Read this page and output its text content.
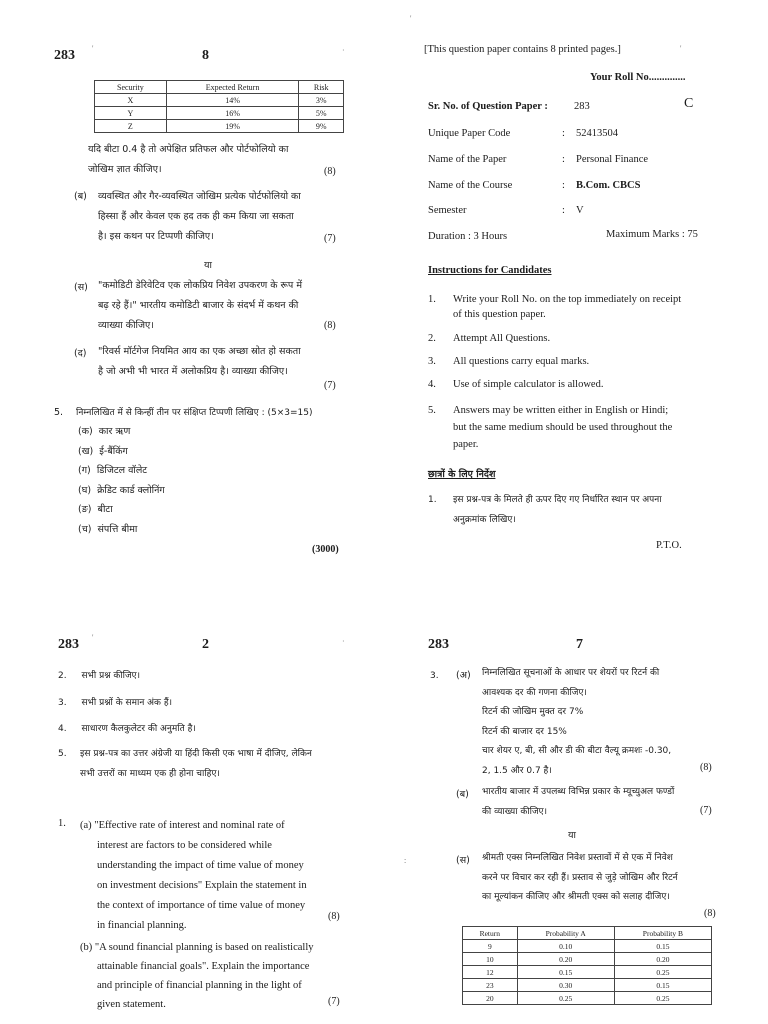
283	8
Security	Expected Return	Risk
X	14%	3%
Y	16%	5%
Z	19%	9%

यदि बीटा 0.4 है तो अपेक्षित प्रतिफल और पोर्टफोलियो का

जोखिम ज्ञात कीजिए।	(8)
(ब) व्यवस्थित और गैर-व्यवस्थित जोखिम प्रत्येक पोर्टफोलियो का

हिस्सा हैं और केवल एक हद तक ही कम किया जा सकता

है। इस कथन पर टिप्पणी कीजिए।	(7)
या
(स) "कमोडिटी डेरिवेटिव एक लोकप्रिय निवेश उपकरण के रूप में

बढ़ रहे हैं।" भारतीय कमोडिटी बाजार के संदर्भ में कथन की

व्याख्या कीजिए।	(8)
(द) "रिवर्स मॉर्टगेज नियमित आय का एक अच्छा स्रोत हो सकता

है जो अभी भी भारत में अलोकप्रिय है। व्याख्या कीजिए।

(7)
5. निम्नलिखित में से किन्हीं तीन पर संक्षिप्त टिप्पणी लिखिए : (5×3=15)
(क) कार ऋण
(ख) ई-बैंकिंग
(ग) डिजिटल वॉलेट
(घ) क्रेडिट कार्ड क्लोनिंग
(ङ) बीटा
(च) संपत्ति बीमा
(3000)
[This question paper contains 8 printed pages.]
Your Roll No..............
Sr. No. of Question Paper : 283	C
Unique Paper Code	: 52413504
Name of the Paper	: Personal Finance
Name of the Course	: B.Com. CBCS
Semester	: V
Duration : 3 Hours	Maximum Marks : 75
Instructions for Candidates
1. Write your Roll No. on the top immediately on receipt

of this question paper.

2. Attempt All Questions.
3. All questions carry equal marks.
4. Use of simple calculator is allowed.
5. Answers may be written either in English or Hindi;

but the same medium should be used throughout the

paper.

छात्रों के लिए निर्देश
1. इस प्रश्न-पत्र के मिलते ही ऊपर दिए गए निर्धारित स्थान पर अपना

अनुक्रमांक लिखिए।

P.T.O.
283	2
2. सभी प्रश्न कीजिए।
3. सभी प्रश्नों के समान अंक हैं।
4. साधारण कैलकुलेटर की अनुमति है।
5. इस प्रश्न-पत्र का उत्तर अंग्रेजी या हिंदी किसी एक भाषा में दीजिए, लेकिन

सभी उत्तरों का माध्यम एक ही होना चाहिए।

1. (a) "Effective rate of interest and nominal rate of

interest are factors to be considered while

understanding the impact of time value of money

on investment decisions" Explain the statement in

the context of importance of time value of money

in financial planning.

(8)

(b) "A sound financial planning is based on realistically

attainable financial goals". Explain the importance

and principle of financial planning in the light of

given statement.	(7)
283	7
3. (अ) निम्नलिखित सूचनाओं के आधार पर शेयरों पर रिटर्न की

आवश्यक दर की गणना कीजिए।

रिटर्न की जोखिम मुक्त दर 7%

रिटर्न की बाजार दर 15%

चार शेयर ए, बी, सी और डी की बीटा वैल्यू क्रमशः -0.30,

2, 1.5 और 0.7 है।	(8)
(ब) भारतीय बाजार में उपलब्ध विभिन्न प्रकार के म्यूच्युअल फण्डों

की व्याख्या कीजिए।	(7)
या
(स) श्रीमती एक्स निम्नलिखित निवेश प्रस्तावों में से एक में निवेश

करने पर विचार कर रही हैं। प्रस्ताव से जुड़े जोखिम और रिटर्न

का मूल्यांकन कीजिए और श्रीमती एक्स को सलाह दीजिए।

(8)
Return	Probability A	Probability B
9	0.10	0.15
10	0.20	0.20
12	0.15	0.25
23	0.30	0.15
20	0.25	0.25
'	·
'
'
'	·
:
